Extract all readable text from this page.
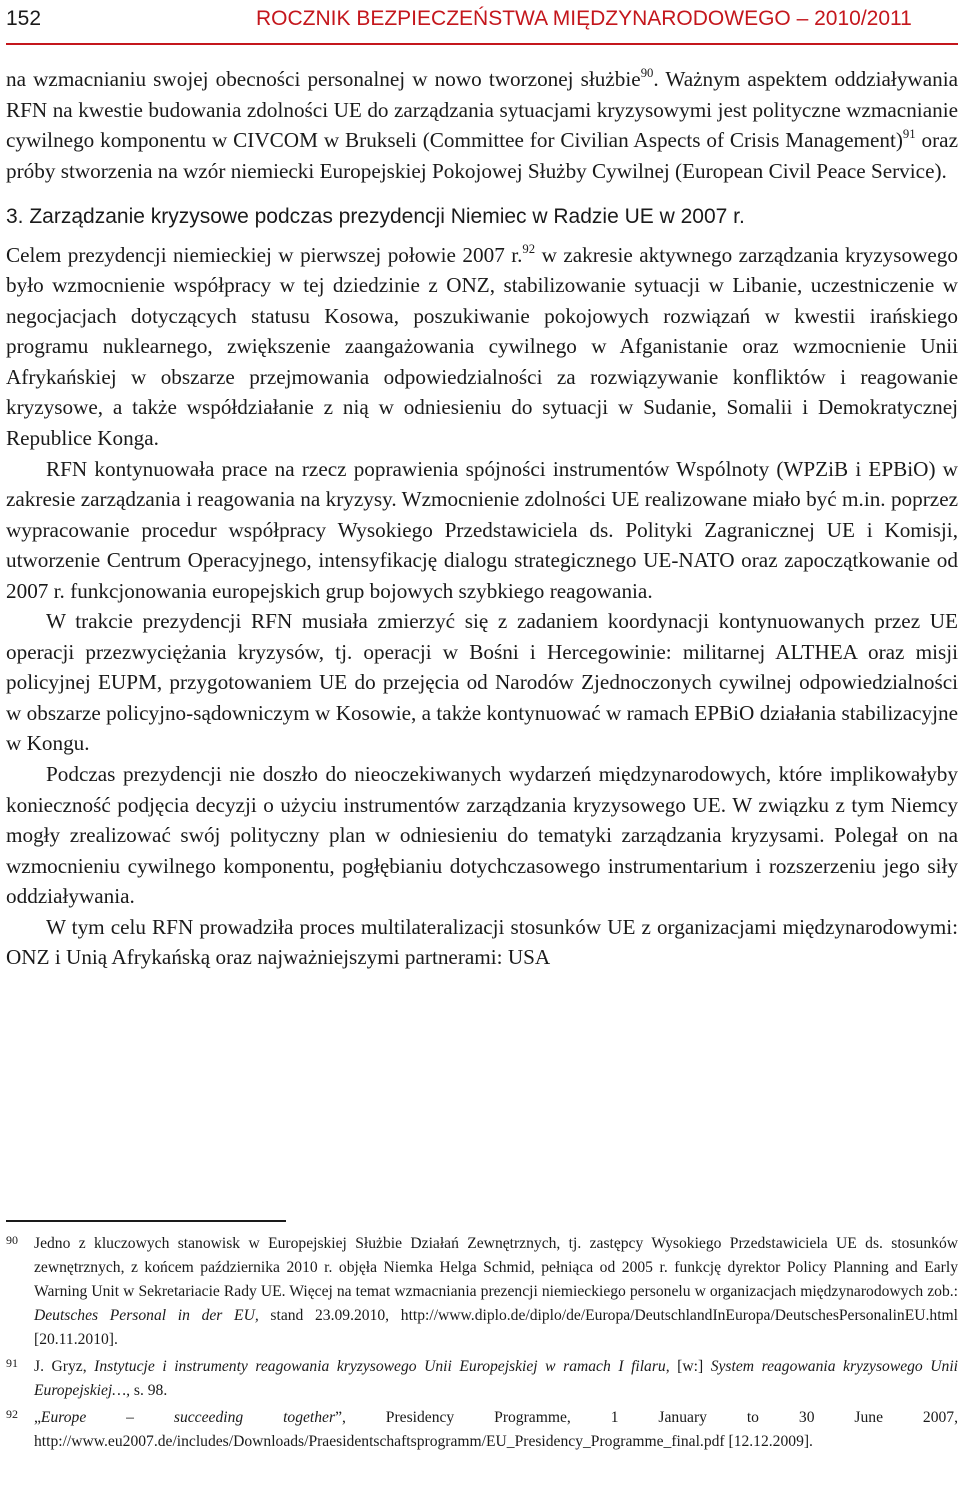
152	ROCZNIK BEZPIECZEŃSTWA MIĘDZYNARODOWEGO – 2010/2011

na wzmacnianiu swojej obecności personalnej w nowo tworzonej służbie$^{90}$. Ważnym aspektem oddziaływania RFN na kwestie budowania zdolności UE do zarządzania sytuacjami kryzysowymi jest polityczne wzmacnianie cywilnego komponentu w CIVCOM w Brukseli (Committee for Civilian Aspects of Crisis Management)$^{91}$ oraz próby stworzenia na wzór niemiecki Europejskiej Pokojowej Służby Cywilnej (European Civil Peace Service).

3. Zarządzanie kryzysowe podczas prezydencji Niemiec w Radzie UE w 2007 r.

Celem prezydencji niemieckiej w pierwszej połowie 2007 r.$^{92}$ w zakresie aktywnego zarządzania kryzysowego było wzmocnienie współpracy w tej dziedzinie z ONZ, stabilizowanie sytuacji w Libanie, uczestniczenie w negocjacjach dotyczących statusu Kosowa, poszukiwanie pokojowych rozwiązań w kwestii irańskiego programu nuklearnego, zwiększenie zaangażowania cywilnego w Afganistanie oraz wzmocnienie Unii Afrykańskiej w obszarze przejmowania odpowiedzialności za rozwiązywanie konfliktów i reagowanie kryzysowe, a także współdziałanie z nią w odniesieniu do sytuacji w Sudanie, Somalii i Demokratycznej Republice Konga.

RFN kontynuowała prace na rzecz poprawienia spójności instrumentów Wspólnoty (WPZiB i EPBiO) w zakresie zarządzania i reagowania na kryzysy. Wzmocnienie zdolności UE realizowane miało być m.in. poprzez wypracowanie procedur współpracy Wysokiego Przedstawiciela ds. Polityki Zagranicznej UE i Komisji, utworzenie Centrum Operacyjnego, intensyfikację dialogu strategicznego UE-NATO oraz zapoczątkowanie od 2007 r. funkcjonowania europejskich grup bojowych szybkiego reagowania.

W trakcie prezydencji RFN musiała zmierzyć się z zadaniem koordynacji kontynuowanych przez UE operacji przezwyciężania kryzysów, tj. operacji w Bośni i Hercegowinie: militarnej ALTHEA oraz misji policyjnej EUPM, przygotowaniem UE do przejęcia od Narodów Zjednoczonych cywilnej odpowiedzialności w obszarze policyjno-sądowniczym w Kosowie, a także kontynuować w ramach EPBiO działania stabilizacyjne w Kongu.

Podczas prezydencji nie doszło do nieoczekiwanych wydarzeń międzynarodowych, które implikowałyby konieczność podjęcia decyzji o użyciu instrumentów zarządzania kryzysowego UE. W związku z tym Niemcy mogły zrealizować swój polityczny plan w odniesieniu do tematyki zarządzania kryzysami. Polegał on na wzmocnieniu cywilnego komponentu, pogłębianiu dotychczasowego instrumentarium i rozszerzeniu jego siły oddziaływania.

W tym celu RFN prowadziła proces multilateralizacji stosunków UE z organizacjami międzynarodowymi: ONZ i Unią Afrykańską oraz najważniejszymi partnerami: USA

90	Jedno z kluczowych stanowisk w Europejskiej Służbie Działań Zewnętrznych, tj. zastępcy Wysokiego Przedstawiciela UE ds. stosunków zewnętrznych, z końcem października 2010 r. objęła Niemka Helga Schmid, pełniąca od 2005 r. funkcję dyrektor Policy Planning and Early Warning Unit w Sekretariacie Rady UE. Więcej na temat wzmacniania prezencji niemieckiego personelu w organizacjach międzynarodowych zob.: Deutsches Personal in der EU, stand 23.09.2010, http://www.diplo.de/diplo/de/Europa/DeutschlandInEuropa/DeutschesPersonalinEU.html [20.11.2010].
91	J. Gryz, Instytucje i instrumenty reagowania kryzysowego Unii Europejskiej w ramach I filaru, [w:] System reagowania kryzysowego Unii Europejskiej…, s. 98.
92	„Europe – succeeding together”, Presidency Programme, 1 January to 30 June 2007, http://www.eu2007.de/includes/Downloads/Praesidentschaftsprogramm/EU_Presidency_Programme_final.pdf [12.12.2009].
